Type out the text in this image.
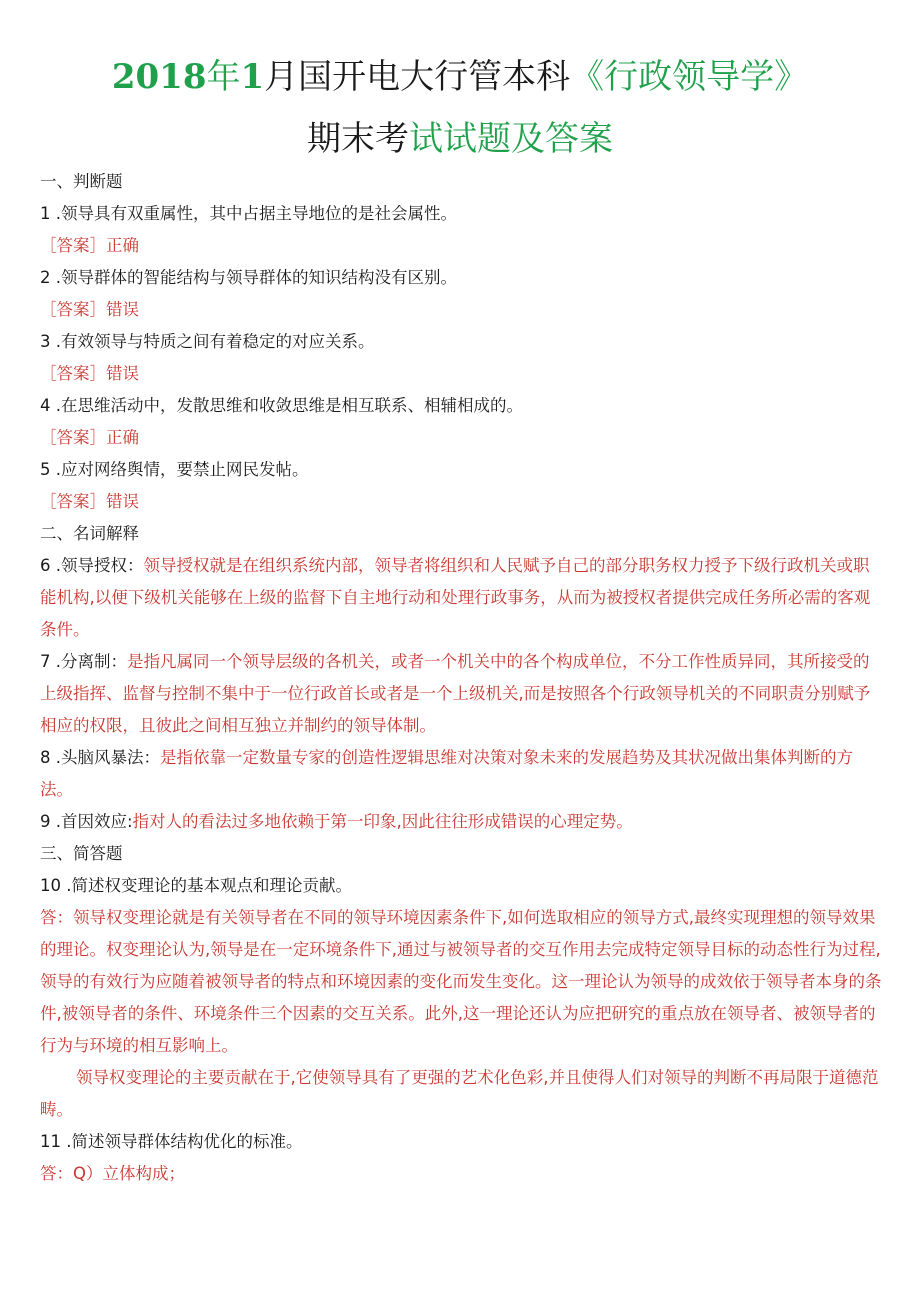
2018年1月国开电大行管本科《行政领导学》
期末考试试题及答案

一、判断题

1 .领导具有双重属性，其中占据主导地位的是社会属性。

［答案］正确

2 .领导群体的智能结构与领导群体的知识结构没有区别。

［答案］错误

3 .有效领导与特质之间有着稳定的对应关系。

［答案］错误

4 .在思维活动中，发散思维和收敛思维是相互联系、相辅相成的。

［答案］正确

5 .应对网络舆情，要禁止网民发帖。

［答案］错误

二、名词解释

6 .领导授权：领导授权就是在组织系统内部，领导者将组织和人民赋予自己的部分职务权力授予下级行政机关或职能机构,以便下级机关能够在上级的监督下自主地行动和处理行政事务，从而为被授权者提供完成任务所必需的客观条件。

7 .分离制：是指凡属同一个领导层级的各机关，或者一个机关中的各个构成单位，不分工作性质异同，其所接受的上级指挥、监督与控制不集中于一位行政首长或者是一个上级机关,而是按照各个行政领导机关的不同职责分别赋予相应的权限，且彼此之间相互独立并制约的领导体制。

8 .头脑风暴法：是指依靠一定数量专家的创造性逻辑思维对决策对象未来的发展趋势及其状况做出集体判断的方法。

9 .首因效应:指对人的看法过多地依赖于第一印象,因此往往形成错误的心理定势。

三、简答题

10 .简述权变理论的基本观点和理论贡献。

答：领导权变理论就是有关领导者在不同的领导环境因素条件下,如何选取相应的领导方式,最终实现理想的领导效果的理论。权变理论认为,领导是在一定环境条件下,通过与被领导者的交互作用去完成特定领导目标的动态性行为过程,领导的有效行为应随着被领导者的特点和环境因素的变化而发生变化。这一理论认为领导的成效依于领导者本身的条件,被领导者的条件、环境条件三个因素的交互关系。此外,这一理论还认为应把研究的重点放在领导者、被领导者的行为与环境的相互影响上。

领导权变理论的主要贡献在于,它使领导具有了更强的艺术化色彩,并且使得人们对领导的判断不再局限于道德范畴。

11 .简述领导群体结构优化的标准。

答：Q）立体构成；
